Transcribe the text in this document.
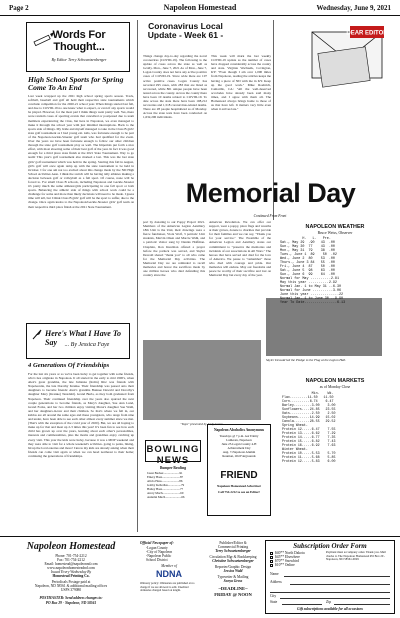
Page 2	Napoleon Homestead	Wednesday, June 9, 2021
Words For Thought...
By Editor Terry Schwartzenberger
High School Sports for Spring Come To An End
Last week wrapped up the 2021 high school spring sports season. Track, softball, baseball and golf all held their respective state tournaments which conclude competition for the 2020-21 school year. When things started last fall, and due to COVID-19 no one knew what to expect, or even if any sports would be played. However, for the most part I think things went pretty well. Yes, there were random cases of sporting events that cancelled or postponed due to team members experiencing the virus, but here in Napoleon, we even managed to make it through the school year with just minimal interruptions. Back to the sports side of things. My bride and myself managed to take in the Class B girls' state golf tournament as I had young ext. kids, was fortunate enough to be part of the Napoleon-Gackle-Streeter golf team who had qualified for the event. Over the years we have been fortunate enough to follow our other children through the state golf tournament play as well. The Imperials put forth a nice effort, with most shooting some of their best golf of the year. In fact it was good enough for a third place state finish at the 2021 State Tournament. Way to go team! This year's golf tournament also marked a last. This was the last state girls' golf tournament which was held in the spring. Starting this fall in August, girl's golf will once again ramp up with the state tournament to be held in October. I for one am not too excited about this change made by the ND High School Activities Assn. I think the switch will be having tally athletes making a decision between golf or volleyball as a fall sport. Of course, none will be forced to. For small Class B schools, including Napoleon and Gackle-Streeter it's pretty much the same athletes/girls participating in one fall sport or both sports. Balancing the athletic side of things with school work could be a challenge for some and more than likely decisions will need to be made. I guess time will tell, but I think Class B girls' golf will be the sport to suffer, due to the change. Once again kudos to the Napoleon/Gackle-Streeter girls' golf team on their respective third place finish at the 2021 State Tournament.
Here's What I Have To Say	... By Jessica Faye
4 Generations Of Friendships
For the last six years or so we've been lucky to get together with some friends, who's ties originate in Napoleon. It all started in the early to mid 1900's, when Alex's great grandma, the late Julianna (Rolin) Ritz was friends with Napoleonite, the late Dorothy Kranke. Their friendship was passed onto their daughters to become friends: Alex's grandma Bunnee Dewald and Dorothy's daughter Mary (Kranke) Tansdahl). Grand Burla, as they both graduated from Napoleon. Their continued friendship over the years also spurred the next couple generations to become friends, as Mary's daughter, Sue Ann Lund, Grand Forks, and her two children enjoy visiting Mona's daughter Sue Wahl, and her daughters-in-law and their children. So that's where we fall in, our kiddos are all around the same ages and these youngsters, who range from nine and under, have been able to see each other almost every summer since we met. (That's with the exception of the covid year of 2020). But, we are all hoping to make up for that and meet up 2-3 times this year! It's been fun to see how each child has grown up over the years, learning about each other's personalities, interests and commonalities, plus the moms and grandmas enjoy catching up every visit. This year the kids were lucky, because it was a MDP weekend and they were able to visit for a whole weekend's activities. going to parks, biking, hit up the local eateries and more! I know my kids are already asking when their friends can come visit again or when we can head northeast to their home; continuing the generations of friendships.
Coronavirus Local Update - Week 61 -
Things change day-to-day regarding the novel coronavirus (COVID-19). The following is the update of cases across the state as well as locally. Mon., June 7, 2021 As of Mon., June 7, Logan County does not have any active positive cases of COVID-19. Since wide there are 107 active positive cases. Logan County has recorded 295 cases, with 283 that are listed as recovered, while 861 unique people have been tested across the county. Across the county there have been 10 deaths related to COVID-19. To date across the state there have been 108,212 recoveries and 1,518 coronavirus-related deaths. There are 28 people hospitalized as of Monday. Across the state tests have been conducted on 1,632,206 individuals.
DEAR EDITOR
This week will mark the last weekly COVID-19 update as the number of cases have dropped considerably across the county and state. Virginia Wachsetk, Covington, KY: "Even though I am over 1,000 miles from Napoleon, reading the articles keeps me having a piece of ND with me in KY. Keep up the good work." Mike Roehrich, Camarillo, CA: "All the well-deserved accolades have already been said many times, and I agree with them all. The Homestead always brings home to those of us that have left. It matters very little even when it arrives late."
Memorial Day
Continued From Front
port by donating to our Poppy Project 2021. Members of the American Legion Auxiliary 18th Unit is the Unit, their drawings were a fierce fundraiser, Viola Wolf, 3 patriotic Unit students, Marvin Olsen and Marcie Wahl, and a patriotic visitor sang by Dennis Hoffman. Chaplain, Ron Kurzman offered a prayer before the potluck was served, and Skyler Dewald shared "thank you" to all who came for the Memorial Day activities. The Memorial Day we are reminded to recall memories and honor the sacrifices made by one million heroes who died defending this country since the
American Revolution. We can offer our support, wear a poppy, place flags and wreaths at their graves, donate to charities that provide for their families and we can say, "Thank you for your service." The Preamble of the American Legion and Auxiliary states our commitment to "preserve the memories and incidents of our associations in All Wars." The heroes that have served and died for the love of America. We pause to "remember" those who died with courage and pride. Our memories will endure. May our freedoms and peace be worthy of their sacrifice and lost on Memorial Day but every day of the year.
"Taps" presented by Andy Gross.
Skyler Dewald led the Pledge to the Flag at the Legion Hall.
NAPOLEON WEATHER
Bruce Weiss, Observer
H.   L.   Pre.
Sat., May 29  .90   43  .00
Sun., May 30  77    43  .00
Mon., May 31  79    38  .00
Tues., June 1  89    50  .02
Wed., June 2  80    53  .00
Thurs., June 3 84   55  .00
Fri., June 4  87    50  .00
Sat., June 5  98    63  .00
Sun., June 6  99    64  .00
Normal for May ..........2.81
May this year ..........2.92
Normal Jan. 1 to May 31 ..6.30
Normal for June ..........3.06
June this year ..............22
Normal Jan. 1 to June 30 ..9.90
Year To Date................6.13
NAPOLEON MARKETS
as of Monday Close
Min.    Wk.
Flax.........11.50   11.50
Corn..........6.74    6.47
Barley.........3.00    3.00
Sunflowers....24.85   23.55
Oats...........2.50    2.50
Soybeans......14.99   15.02
Canola........28.55   29.52
Spring Wheat-
Protein 12.....6.47    7.55
Protein 13.....6.62    7.29
Protein 14.....6.77    7.35
Protein 15.....6.82    7.43
Protein 16.....6.92    7.63
Winter Wheat-
Protein 10.....5.53    5.70
Protein 11.....5.68    5.85
Protein 12.....5.83    6.00
BOWLING NEWS
Bumper Bowling
Jason Becker.....................91
Emery Haas.......................87
Alicia Haas.......................86
Gabby Kellerhas.................79
Hailey Haas.......................77
Avery Much.......................69
Autumn Much.....................66
Napoleon Alcoholics Anonymous
Tuesdays @ 7 p.m. AA Trinity
Lutheran, Napoleon
June 25-Logan County 4-H
Achievement Day
Aug. 7-Napoleon Alumni
Reunion, Old Fairgrounds
FRIEND
Napoleon Homestead Advertiser
Call 754-2212 to see an Editor!
Napoleon Homestead
Phone: 701-754-2212
Fax: 701-754-2212
Email: homestead@napoleonnd.com
www.napoleonhomesteadnd.com
Issued Every Wednesday By
Homestead Printing Co.
Periodicals Postage paid at
Napoleon, ND 58561 & additional mailing offices
USPS 379080
POSTMASTER: Send address changes to:
PO Box 29 - Napoleon, ND 58561
Official Newspaper of:
-Logan County
-City of Napoleon
-Napoleon Public
School District
Member of
NDNA
Obituary policy: Obituaries are published at no charge if we are allowed to edit. Unedited obituaries charged based on length.
Publisher/Editor &
Commercial Printing
Terry Schwartzenberger
Circulation Mgr & Bookkeeping
Christine Schwartzenberger
Reporter/Graphic Design
Jessica Wald
Typesetter & Mailing
Sonya Gross
~DEADLINE~
FRIDAY @ NOON
Subscription Order Form
$40** North Dakota
$45** Elsewhere
$70** Snowbird
$10** Online
Payment must accompany order. Thank you. Mail checks to The Napoleon Homestead PO Box 29 - Napoleon, ND 58561-0029
Name
Address
City
State	Zip
Gift subscriptions available for all occasions
